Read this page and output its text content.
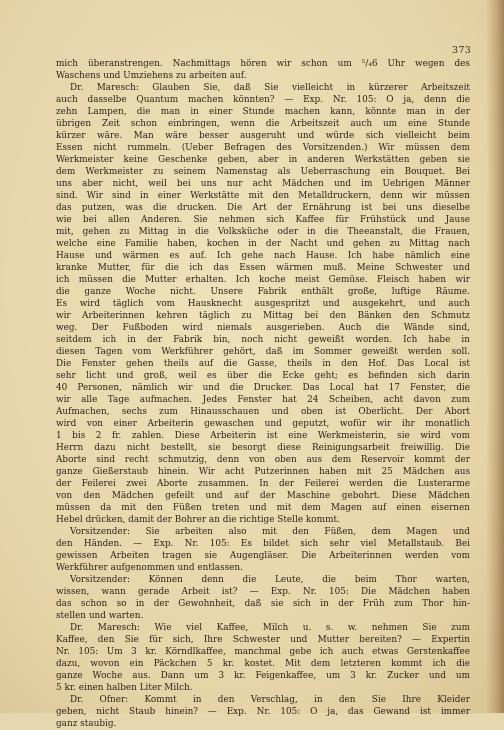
373
mich überanstrengen. Nachmittags hören wir schon um ⁵/₄6 Uhr wegen des
Waschens und Umziehens zu arbeiten auf.
Dr. Maresch: Glauben Sie, daß Sie vielleicht in kürzerer Arbeitszeit
auch dasselbe Quantum machen könnten? — Exp. Nr. 105: O ja, denn die
zehn Lampen, die man in einer Stunde machen kann, könnte man in der
übrigen Zeit schon einbringen, wenn die Arbeitszeit auch um eine Stunde
kürzer wäre. Man wäre besser ausgeruht und würde sich vielleicht beim
Essen nicht rummeln. (Ueber Befragen des Vorsitzenden.) Wir müssen dem
Werkmeister keine Geschenke geben, aber in anderen Werkstätten geben sie
dem Werkmeister zu seinem Namenstag als Ueberraschung ein Bouquet. Bei
uns aber nicht, weil bei uns nur acht Mädchen und im Uebrigen Männer
sind. Wir sind in einer Werkstätte mit den Metalldruckern, denn wir müssen
das putzen, was die drucken. Die Art der Ernährung ist bei uns dieselbe
wie bei allen Anderen. Sie nehmen sich Kaffee für Frühstück und Jause
mit, gehen zu Mittag in die Volksküche oder in die Theeanstalt, die Frauen,
welche eine Familie haben, kochen in der Nacht und gehen zu Mittag nach
Hause und wärmen es auf. Ich gehe nach Hause. Ich habe nämlich eine
kranke Mutter, für die ich das Essen wärmen muß. Meine Schwester und
ich müssen die Mutter erhalten. Ich koche meist Gemüse. Fleisch haben wir
die ganze Woche nicht. Unsere Fabrik enthält große, luftige Räume.
Es wird täglich vom Hausknecht ausgespritzt und ausgekehrt, und auch
wir Arbeiterinnen kehren täglich zu Mittag bei den Bänken den Schmutz
weg. Der Fußboden wird niemals ausgerieben. Auch die Wände sind,
seitdem ich in der Fabrik bin, noch nicht geweißt worden. Ich habe in
diesen Tagen vom Werkführer gehört, daß im Sommer geweißt werden soll.
Die Fenster gehen theils auf die Gasse, theils in den Hof. Das Local ist
sehr licht und groß, weil es über die Ecke geht; es befinden sich darin
40 Personen, nämlich wir und die Drucker. Das Local hat 17 Fenster, die
wir alle Tage aufmachen. Jedes Fenster hat 24 Scheiben, acht davon zum
Aufmachen, sechs zum Hinausschauen und oben ist Oberlicht. Der Abort
wird von einer Arbeiterin gewaschen und geputzt, wofür wir ihr monatlich
1 bis 2 fr. zahlen. Diese Arbeiterin ist eine Werkmeisterin, sie wird vom
Herrn dazu nicht bestellt, sie besorgt diese Reinigungsarbeit freiwillig. Die
Aborte sind recht schmutzig, denn von oben aus dem Reservoir kommt der
ganze Gießerstaub hinein. Wir acht Putzerinnen haben mit 25 Mädchen aus
der Feilerei zwei Aborte zusammen. In der Feilerei werden die Lusterarme
von den Mädchen gefeilt und auf der Maschine gebohrt. Diese Mädchen
müssen da mit den Füßen treten und mit dem Magen auf einen eisernen
Hebel drücken, damit der Bohrer an die richtige Stelle kommt.
Vorsitzender: Sie arbeiten also mit den Füßen, dem Magen und
den Händen. — Exp. Nr. 105: Es bildet sich sehr viel Metallstaub. Bei
gewissen Arbeiten tragen sie Augengläser. Die Arbeiterinnen werden vom
Werkführer aufgenommen und entlassen.
Vorsitzender: Können denn die Leute, die beim Thor warten,
wissen, wann gerade Arbeit ist? — Exp. Nr. 105: Die Mädchen haben
das schon so in der Gewohnheit, daß sie sich in der Früh zum Thor hin-
stellen und warten.
Dr. Maresch: Wie viel Kaffee, Milch u. s. w. nehmen Sie zum
Kaffee, den Sie für sich, Ihre Schwester und Mutter bereiten? — Expertin
Nr. 105: Um 3 kr. Körndlkaffee, manchmal gebe ich auch etwas Gerstenkaffee
dazu, wovon ein Päckchen 5 kr. kostet. Mit dem letzteren kommt ich die
ganze Woche aus. Dann um 3 kr. Feigenkaffee, um 3 kr. Zucker und um
5 kr. einen halben Liter Milch.
Dr. Ofner: Kommt in den Verschlag, in den Sie Ihre Kleider
geben, nicht Staub hinein? — Exp. Nr. 105: O ja, das Gewand ist immer
ganz staubig.
